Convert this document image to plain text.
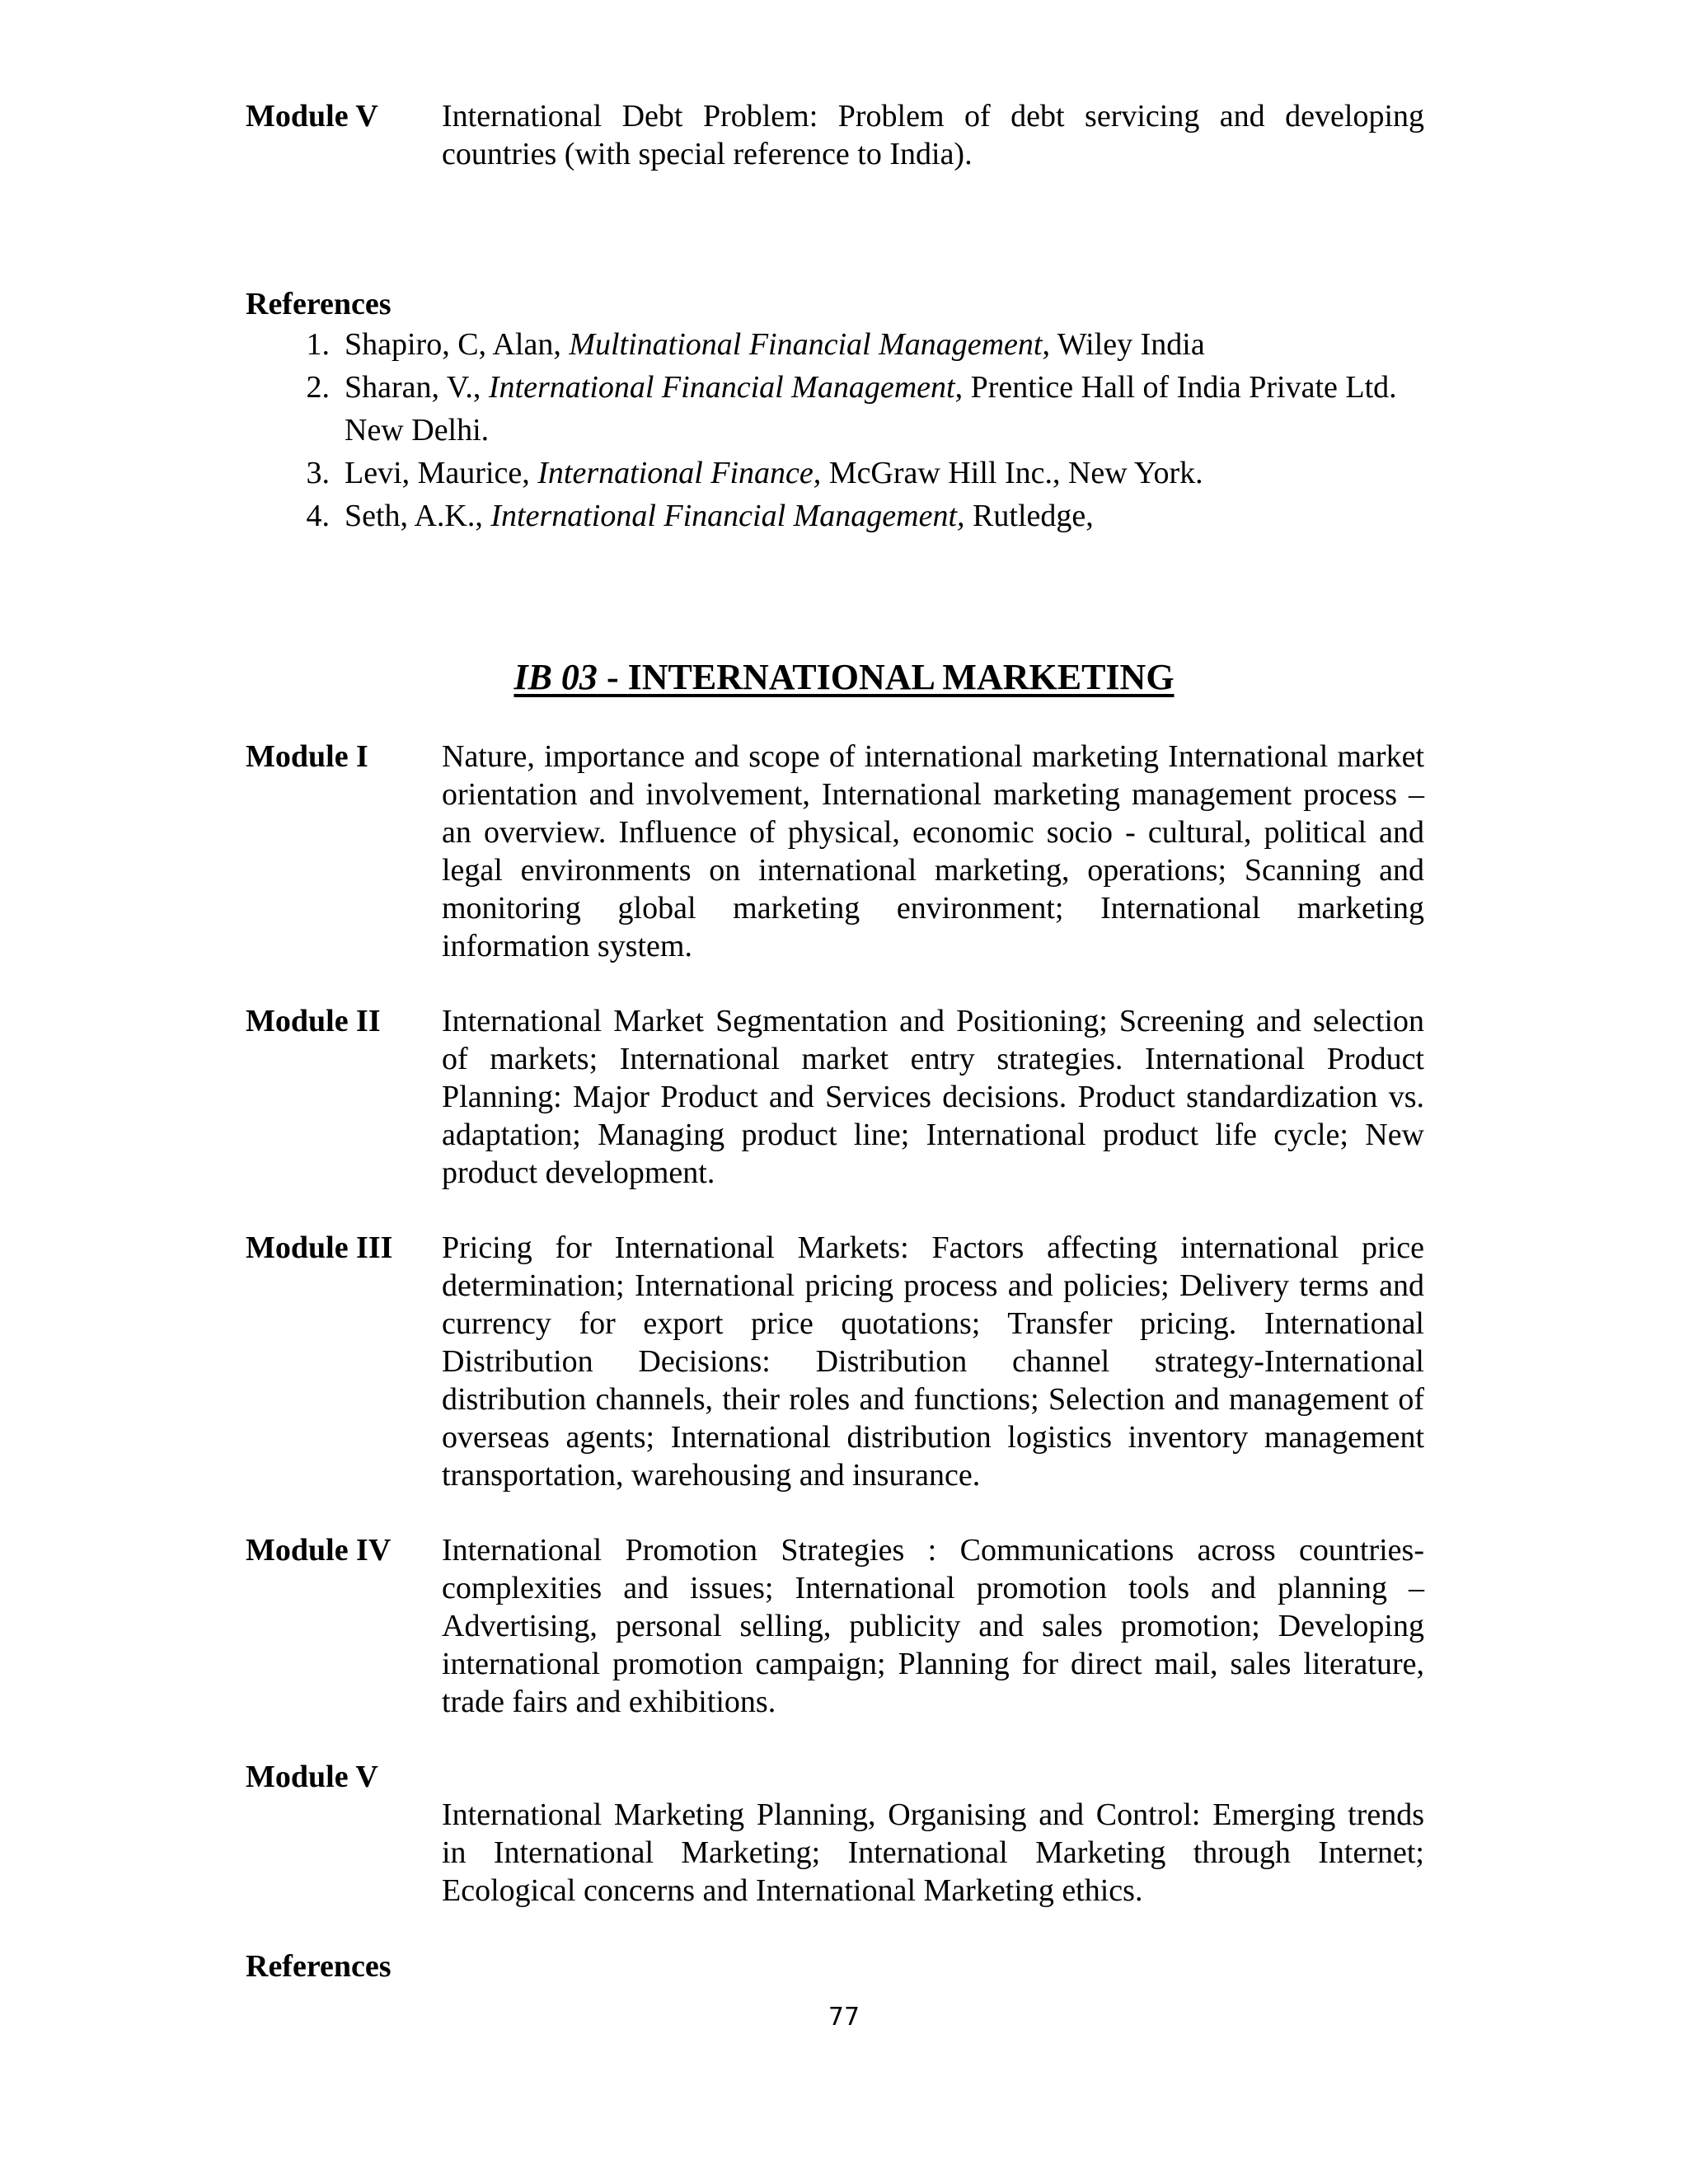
Module V International Debt Problem: Problem of debt servicing and developing countries (with special reference to India).
References
1. Shapiro, C, Alan, Multinational Financial Management, Wiley India
2. Sharan, V., International Financial Management, Prentice Hall of India Private Ltd. New Delhi.
3. Levi, Maurice, International Finance, McGraw Hill Inc., New York.
4. Seth, A.K., International Financial Management, Rutledge,
IB 03 - INTERNATIONAL MARKETING
Module I Nature, importance and scope of international marketing International market orientation and involvement, International marketing management process – an overview. Influence of physical, economic socio - cultural, political and legal environments on international marketing, operations; Scanning and monitoring global marketing environment; International marketing information system.
Module II International Market Segmentation and Positioning; Screening and selection of markets; International market entry strategies. International Product Planning: Major Product and Services decisions. Product standardization vs. adaptation; Managing product line; International product life cycle; New product development.
Module III Pricing for International Markets: Factors affecting international price determination; International pricing process and policies; Delivery terms and currency for export price quotations; Transfer pricing. International Distribution Decisions: Distribution channel strategy-International distribution channels, their roles and functions; Selection and management of overseas agents; International distribution logistics inventory management transportation, warehousing and insurance.
Module IV International Promotion Strategies : Communications across countries-complexities and issues; International promotion tools and planning – Advertising, personal selling, publicity and sales promotion; Developing international promotion campaign; Planning for direct mail, sales literature, trade fairs and exhibitions.
Module V
International Marketing Planning, Organising and Control: Emerging trends in International Marketing; International Marketing through Internet; Ecological concerns and International Marketing ethics.
References
77
